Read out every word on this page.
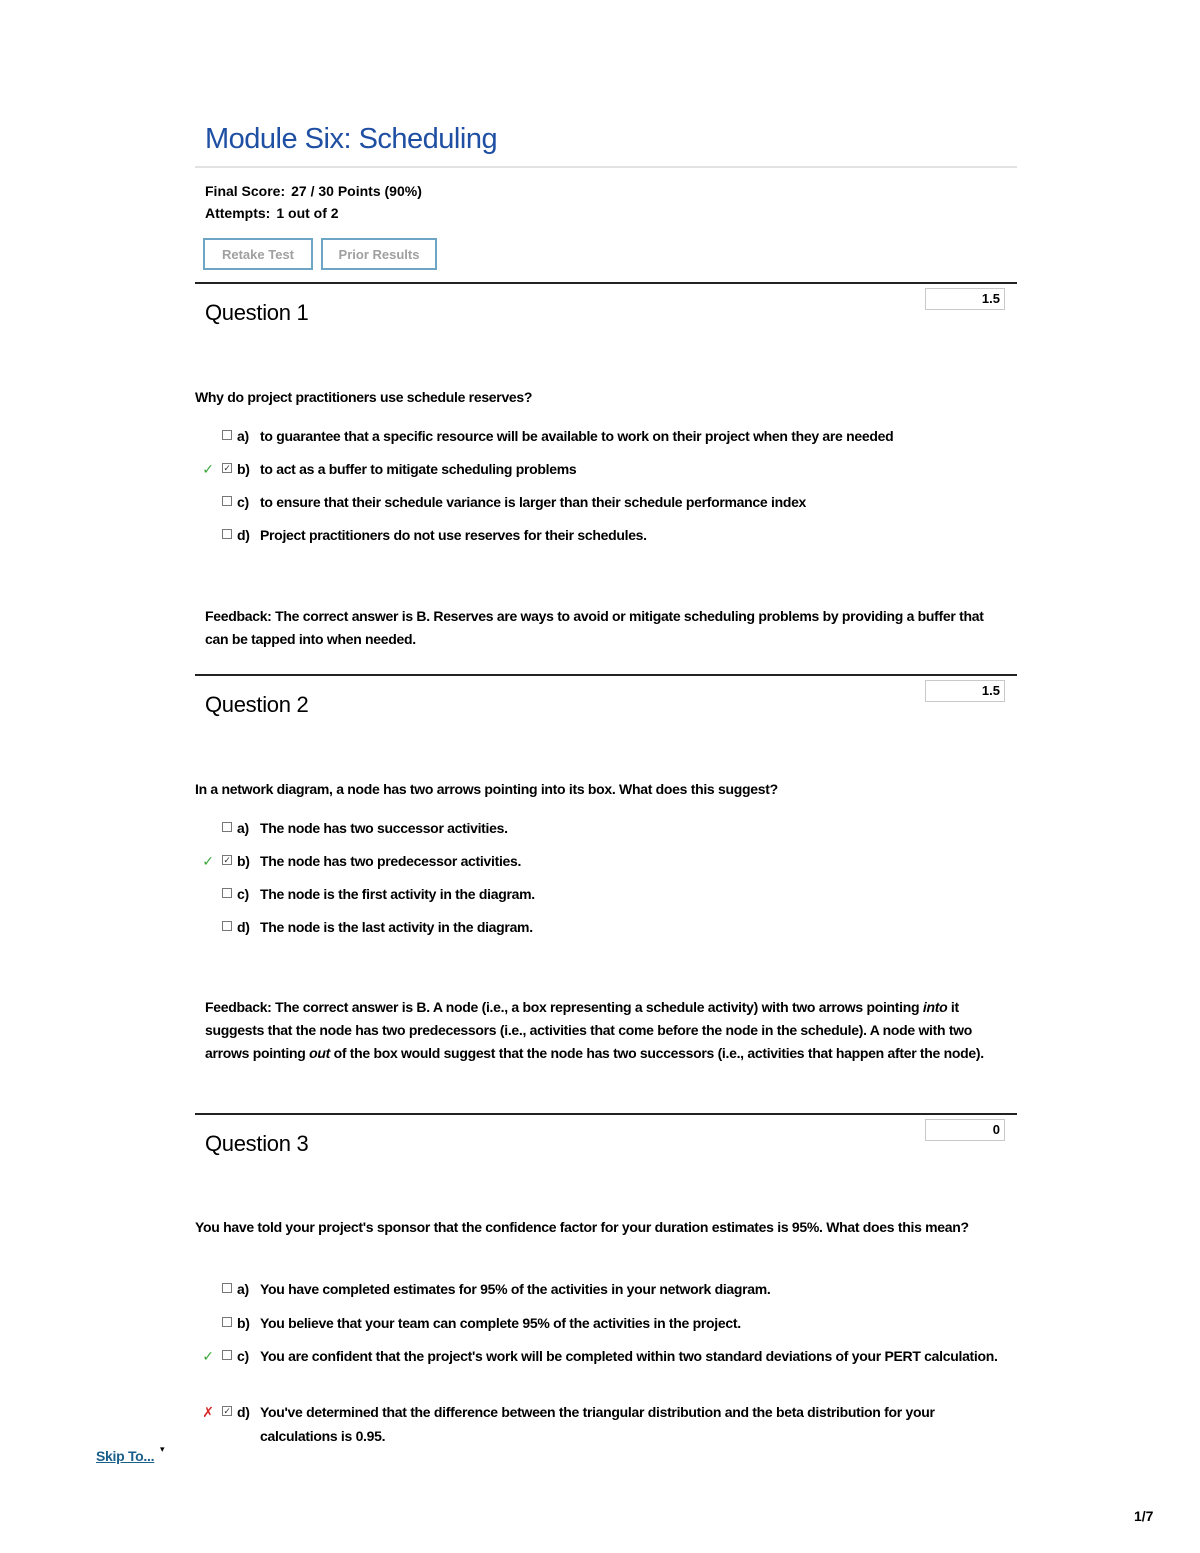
Module Six: Scheduling
Final Score: 27 / 30 Points (90%)
Attempts: 1 out of 2
Retake Test	Prior Results
Question 1
1.5
Why do project practitioners use schedule reserves?
a) to guarantee that a specific resource will be available to work on their project when they are needed
✓ ✓ b) to act as a buffer to mitigate scheduling problems
c) to ensure that their schedule variance is larger than their schedule performance index
d) Project practitioners do not use reserves for their schedules.
Feedback: The correct answer is B. Reserves are ways to avoid or mitigate scheduling problems by providing a buffer that can be tapped into when needed.
Question 2
1.5
In a network diagram, a node has two arrows pointing into its box. What does this suggest?
a) The node has two successor activities.
✓ ✓ b) The node has two predecessor activities.
c) The node is the first activity in the diagram.
d) The node is the last activity in the diagram.
Feedback: The correct answer is B. A node (i.e., a box representing a schedule activity) with two arrows pointing into it suggests that the node has two predecessors (i.e., activities that come before the node in the schedule). A node with two arrows pointing out of the box would suggest that the node has two successors (i.e., activities that happen after the node).
Question 3
0
You have told your project's sponsor that the confidence factor for your duration estimates is 95%. What does this mean?
a) You have completed estimates for 95% of the activities in your network diagram.
b) You believe that your team can complete 95% of the activities in the project.
✓ c) You are confident that the project's work will be completed within two standard deviations of your PERT calculation.
✗ ✓ d) You've determined that the difference between the triangular distribution and the beta distribution for your calculations is 0.95.
Skip To... ▾
1/7
